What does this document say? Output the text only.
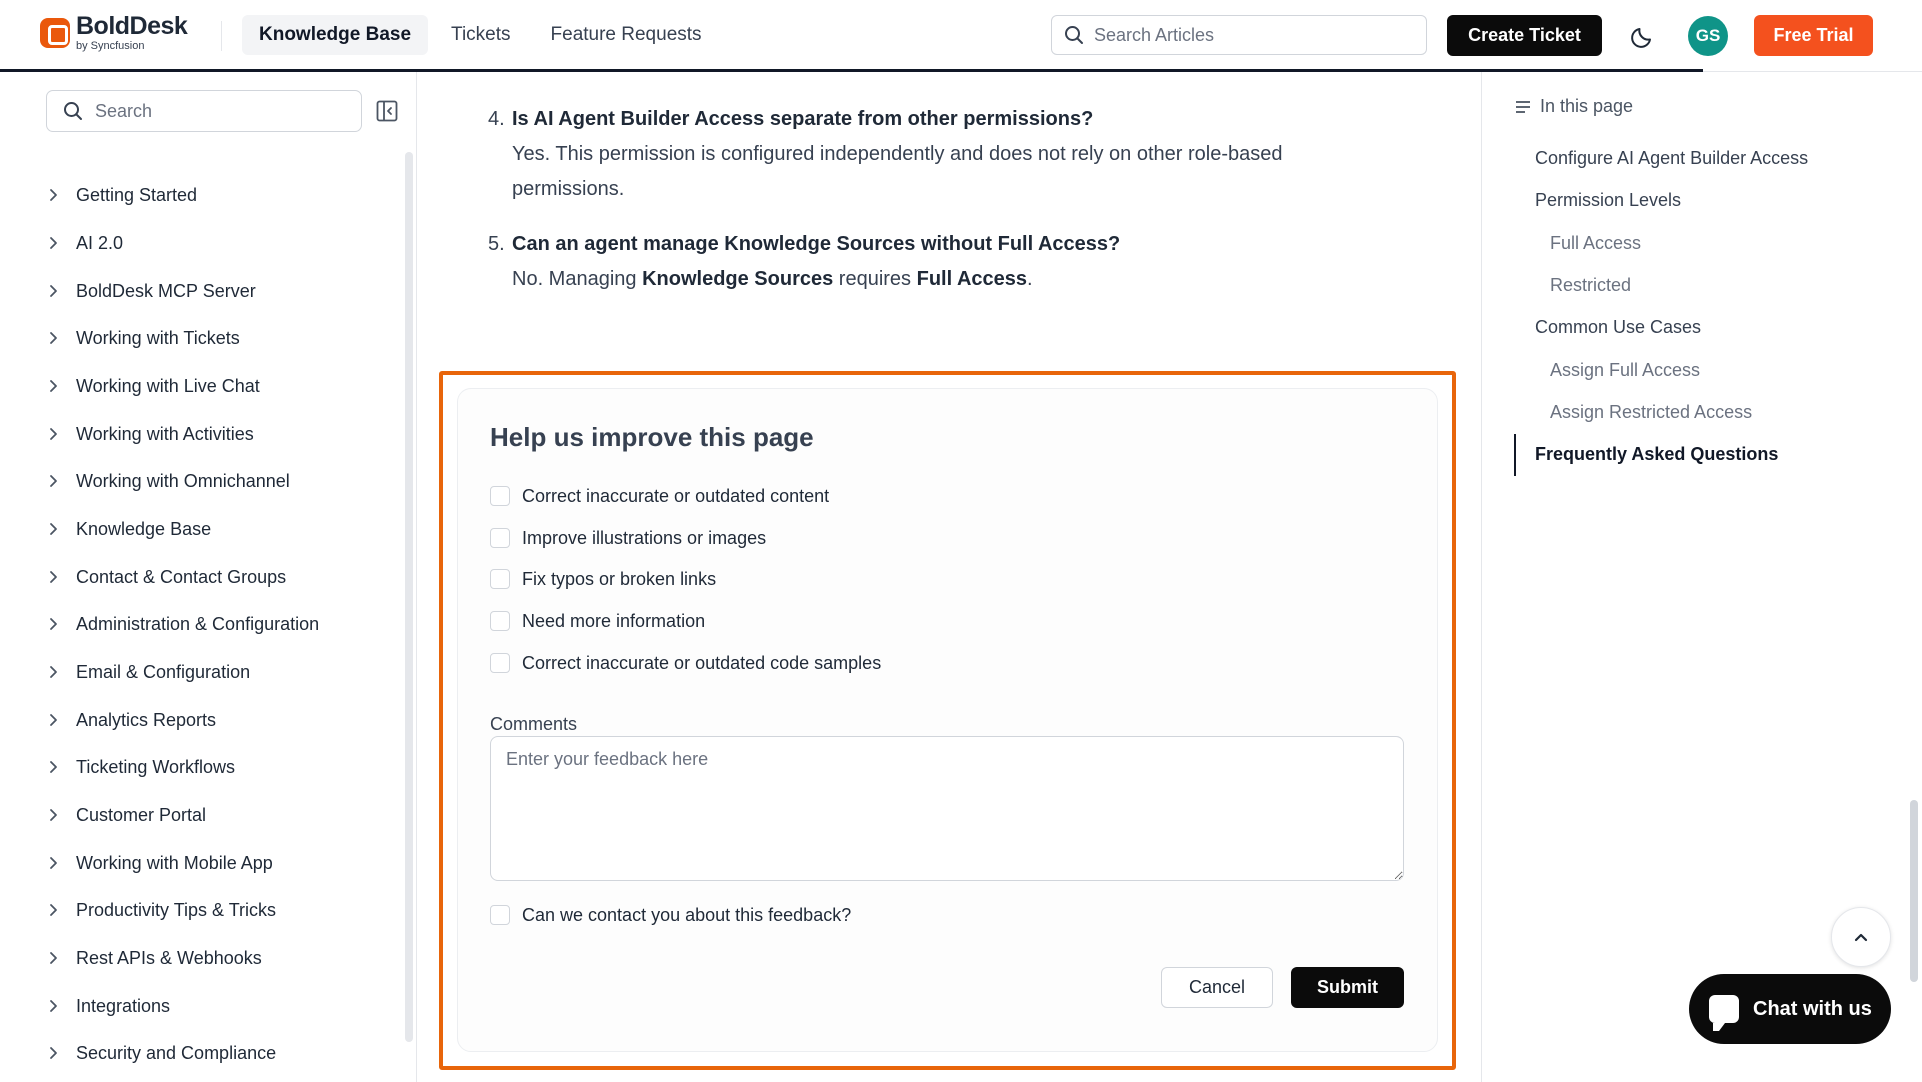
BoldDesk
by Syncfusion
Knowledge Base	Tickets	Feature Requests
Search Articles	Create Ticket	GS	Free Trial
Search
Getting Started
AI 2.0
BoldDesk MCP Server
Working with Tickets
Working with Live Chat
Working with Activities
Working with Omnichannel
Knowledge Base
Contact & Contact Groups
Administration & Configuration
Email & Configuration
Analytics Reports
Ticketing Workflows
Customer Portal
Working with Mobile App
Productivity Tips & Tricks
Rest APIs & Webhooks
Integrations
Security and Compliance
4. Is AI Agent Builder Access separate from other permissions?
Yes. This permission is configured independently and does not rely on other role-based
permissions.
5. Can an agent manage Knowledge Sources without Full Access?
No. Managing Knowledge Sources requires Full Access.
Help us improve this page
Correct inaccurate or outdated content
Improve illustrations or images
Fix typos or broken links
Need more information
Correct inaccurate or outdated code samples
Comments
Enter your feedback here
Can we contact you about this feedback?
Cancel	Submit
In this page
Configure AI Agent Builder Access
Permission Levels
Full Access
Restricted
Common Use Cases
Assign Full Access
Assign Restricted Access
Frequently Asked Questions
Chat with us
